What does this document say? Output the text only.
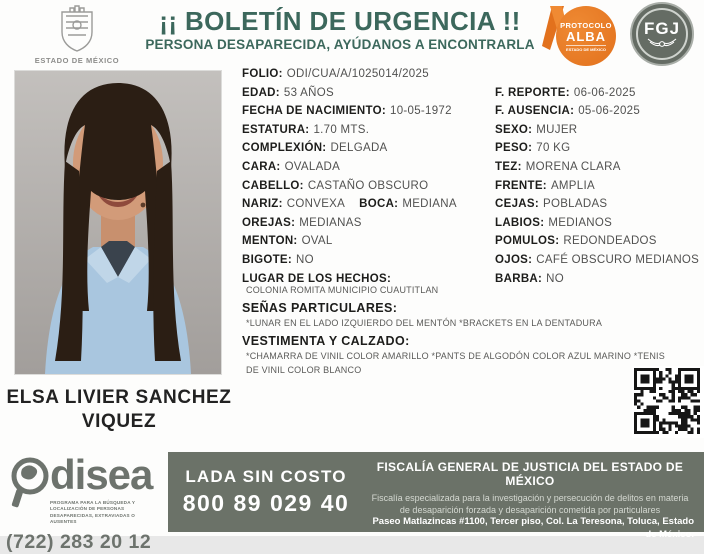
ESTADO DE MÉXICO
¡¡ BOLETÍN DE URGENCIA !!
PERSONA DESAPARECIDA, AYÚDANOS A ENCONTRARLA
PROTOCOLO
ALBA
ESTADO DE MÉXICO
FGJ
ELSA LIVIER SANCHEZ VIQUEZ
FOLIO: ODI/CUA/A/1025014/2025
EDAD: 53 AÑOS
FECHA DE NACIMIENTO: 10-05-1972
ESTATURA: 1.70 MTS.
COMPLEXIÓN: DELGADA
CARA: OVALADA
CABELLO: CASTAÑO OBSCURO
NARIZ: CONVEXA BOCA: MEDIANA
OREJAS: MEDIANAS
MENTON: OVAL
BIGOTE: NO
LUGAR DE LOS HECHOS:
COLONIA ROMITA MUNICIPIO CUAUTITLAN
F. REPORTE: 06-06-2025
F. AUSENCIA: 05-06-2025
SEXO: MUJER
PESO: 70 KG
TEZ: MORENA CLARA
FRENTE: AMPLIA
CEJAS: POBLADAS
LABIOS: MEDIANOS
POMULOS: REDONDEADOS
OJOS: CAFÉ OBSCURO MEDIANOS
BARBA: NO
SEÑAS PARTICULARES:
*LUNAR EN EL LADO IZQUIERDO DEL MENTÓN *BRACKETS EN LA DENTADURA
VESTIMENTA Y CALZADO:
*CHAMARRA DE VINIL COLOR AMARILLO *PANTS DE ALGODÓN COLOR AZUL MARINO *TENIS DE VINIL COLOR BLANCO
disea
PROGRAMA PARA LA BÚSQUEDA Y LOCALIZACIÓN DE PERSONAS DESAPARECIDAS, EXTRAVIADAS O AUSENTES
(722) 283 20 12
LADA SIN COSTO
800 89 029 40
FISCALÍA GENERAL DE JUSTICIA DEL ESTADO DE MÉXICO
Fiscalía especializada para la investigación y persecución de delitos en materia de desaparición forzada y desaparición cometida por particulares
Paseo Matlazincas #1100, Tercer piso, Col. La Teresona, Toluca, Estado de México.
